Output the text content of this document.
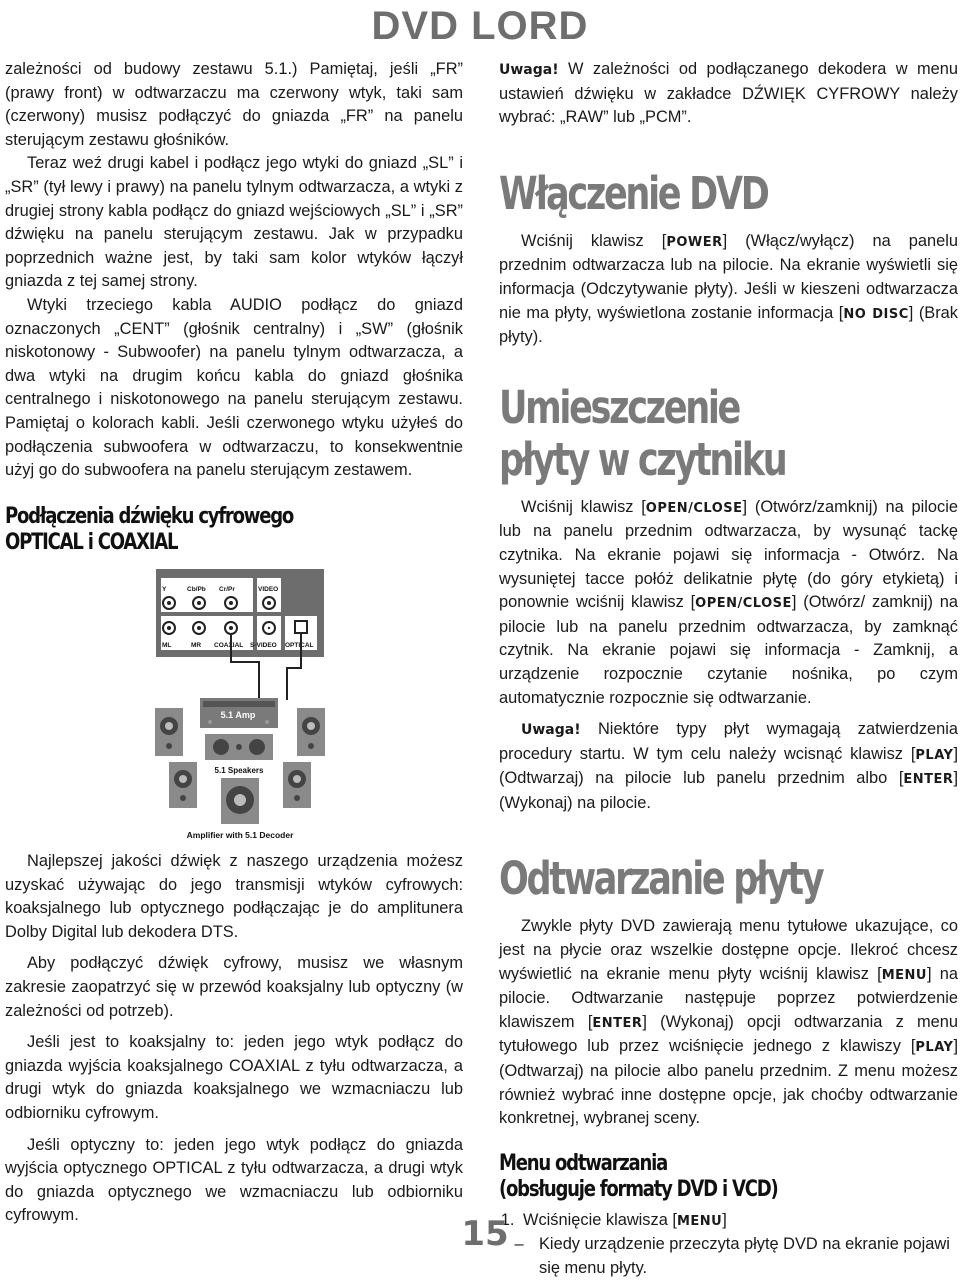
DVD LORD

zależności od budowy zestawu 5.1.) Pamiętaj, jeśli „FR” (prawy front) w odtwarzaczu ma czerwony wtyk, taki sam (czerwony) musisz podłączyć do gniazda „FR” na panelu sterującym zestawu głośników.

Teraz weź drugi kabel i podłącz jego wtyki do gniazd „SL” i „SR” (tył lewy i prawy) na panelu tylnym odtwarzacza, a wtyki z drugiej strony kabla podłącz do gniazd wejściowych „SL” i „SR” dźwięku na panelu sterującym zestawu. Jak w przypadku poprzednich ważne jest, by taki sam kolor wtyków łączył gniazda z tej samej strony.

Wtyki trzeciego kabla AUDIO podłącz do gniazd oznaczonych „CENT” (głośnik centralny) i „SW” (głośnik niskotonowy - Subwoofer) na panelu tylnym odtwarzacza, a dwa wtyki na drugim końcu kabla do gniazd głośnika centralnego i niskotonowego na panelu sterującym zestawu. Pamiętaj o kolorach kabli. Jeśli czerwonego wtyku użyłeś do podłączenia subwoofera w odtwarzaczu, to konsekwentnie użyj go do subwoofera na panelu sterującym zestawem.

Podłączenia dźwięku cyfrowego
OPTICAL i COAXIAL
Y	Cb/Pb Cr/Pr	VIDEO
ML	MR COAXIAL S-VIDEO OPTICAL
5.1 Amp
5.1 Speakers
Amplifier with 5.1 Decoder

Najlepszej jakości dźwięk z naszego urządzenia możesz uzyskać używając do jego transmisji wtyków cyfrowych: koaksjalnego lub optycznego podłączając je do amplitunera Dolby Digital lub dekodera DTS.

Aby podłączyć dźwięk cyfrowy, musisz we własnym zakresie zaopatrzyć się w przewód koaksjalny lub optyczny (w zależności od potrzeb).

Jeśli jest to koaksjalny to: jeden jego wtyk podłącz do gniazda wyjścia koaksjalnego COAXIAL z tyłu odtwarzacza, a drugi wtyk do gniazda koaksjalnego we wzmacniaczu lub odbiorniku cyfrowym.

Jeśli optyczny to: jeden jego wtyk podłącz do gniazda wyjścia optycznego OPTICAL z tyłu odtwarzacza, a drugi wtyk do gniazda optycznego we wzmacniaczu lub odbiorniku cyfrowym.

Uwaga! W zależności od podłączanego dekodera w menu ustawień dźwięku w zakładce DŹWIĘK CYFROWY należy wybrać: „RAW” lub „PCM”.

Włączenie DVD

Wciśnij klawisz [POWER] (Włącz/wyłącz) na panelu przednim odtwarzacza lub na pilocie. Na ekranie wyświetli się informacja (Odczytywanie płyty). Jeśli w kieszeni odtwarzacza nie ma płyty, wyświetlona zostanie informacja [NO DISC] (Brak płyty).

Umieszczenie
płyty w czytniku

Wciśnij klawisz [OPEN/CLOSE] (Otwórz/zamknij) na pilocie lub na panelu przednim odtwarzacza, by wysunąć tackę czytnika. Na ekranie pojawi się informacja - Otwórz. Na wysuniętej tacce połóż delikatnie płytę (do góry etykietą) i ponownie wciśnij klawisz [OPEN/CLOSE] (Otwórz/ zamknij) na pilocie lub na panelu przednim odtwarzacza, by zamknąć czytnik. Na ekranie pojawi się informacja - Zamknij, a urządzenie rozpocznie czytanie nośnika, po czym automatycznie rozpocznie się odtwarzanie.

Uwaga! Niektóre typy płyt wymagają zatwierdzenia procedury startu. W tym celu należy wcisnąć klawisz [PLAY] (Odtwarzaj) na pilocie lub panelu przednim albo [ENTER] (Wykonaj) na pilocie.

Odtwarzanie płyty

Zwykle płyty DVD zawierają menu tytułowe ukazujące, co jest na płycie oraz wszelkie dostępne opcje. Ilekroć chcesz wyświetlić na ekranie menu płyty wciśnij klawisz [MENU] na pilocie. Odtwarzanie następuje poprzez potwierdzenie klawiszem [ENTER] (Wykonaj) opcji odtwarzania z menu tytułowego lub przez wciśnięcie jednego z klawiszy [PLAY] (Odtwarzaj) na pilocie albo panelu przednim. Z menu możesz również wybrać inne dostępne opcje, jak choćby odtwarzanie konkretnej, wybranej sceny.

Menu odtwarzania
(obsługuje formaty DVD i VCD)
1. Wciśnięcie klawisza [MENU]
– Kiedy urządzenie przeczyta płytę DVD na ekranie pojawi się menu płyty.
15
